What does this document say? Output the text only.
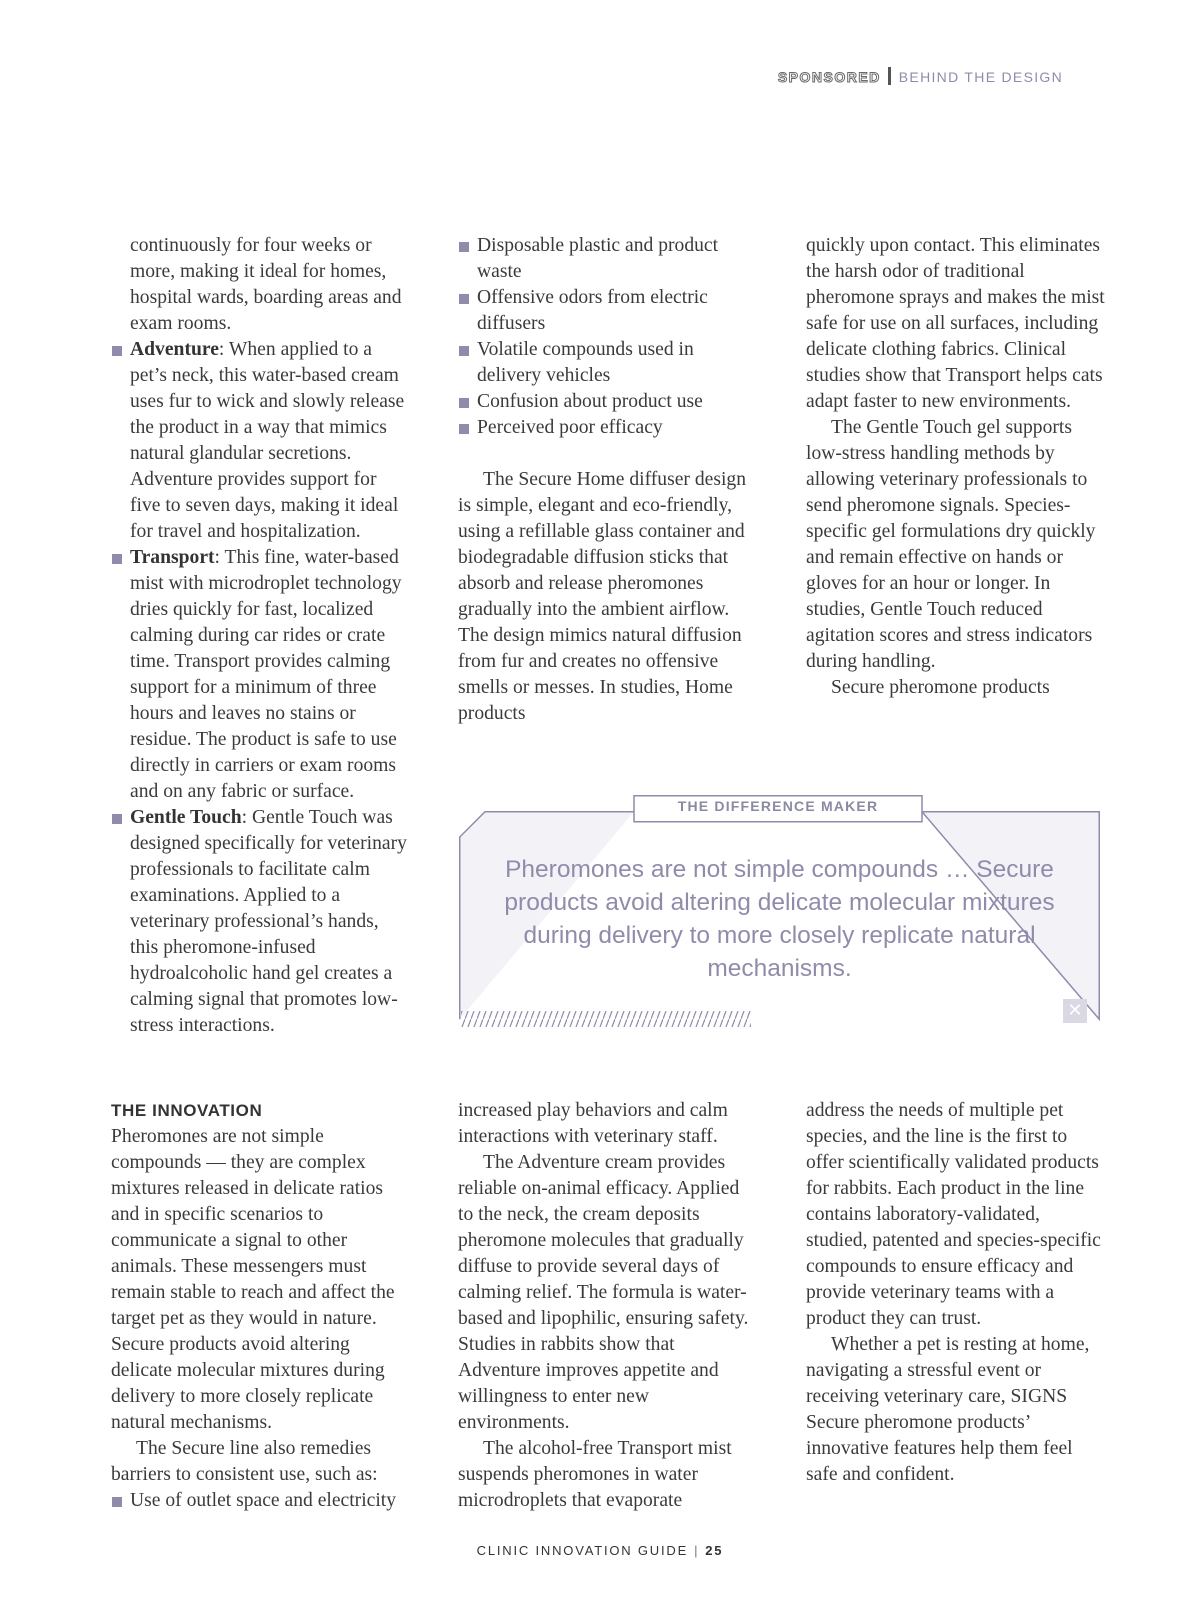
SPONSORED BEHIND THE DESIGN

continuously for four weeks or more, making it ideal for homes, hospital wards, boarding areas and exam rooms.

Adventure: When applied to a pet’s neck, this water-based cream uses fur to wick and slowly release the product in a way that mimics natural glandular secretions. Adventure provides support for five to seven days, making it ideal for travel and hospitalization.

Transport: This fine, water-based mist with microdroplet technology dries quickly for fast, localized calming during car rides or crate time. Transport provides calming support for a minimum of three hours and leaves no stains or residue. The product is safe to use directly in carriers or exam rooms and on any fabric or surface.

Gentle Touch: Gentle Touch was designed specifically for veterinary professionals to facilitate calm examinations. Applied to a veterinary professional’s hands, this pheromone-infused hydroalcoholic hand gel creates a calming signal that promotes low-stress interactions.

Disposable plastic and product waste

Offensive odors from electric diffusers

Volatile compounds used in delivery vehicles

Confusion about product use

Perceived poor efficacy

The Secure Home diffuser design is simple, elegant and eco-friendly, using a refillable glass container and biodegradable diffusion sticks that absorb and release pheromones gradually into the ambient airflow. The design mimics natural diffusion from fur and creates no offensive smells or messes. In studies, Home products

quickly upon contact. This eliminates the harsh odor of traditional pheromone sprays and makes the mist safe for use on all surfaces, including delicate clothing fabrics. Clinical studies show that Transport helps cats adapt faster to new environments.

The Gentle Touch gel supports low-stress handling methods by allowing veterinary professionals to send pheromone signals. Species-specific gel formulations dry quickly and remain effective on hands or gloves for an hour or longer. In studies, Gentle Touch reduced agitation scores and stress indicators during handling.

Secure pheromone products

THE DIFFERENCE MAKER
Pheromones are not simple compounds … Secure products avoid altering delicate molecular mixtures during delivery to more closely replicate natural mechanisms.
✕
THE INNOVATION

Pheromones are not simple compounds — they are complex mixtures released in delicate ratios and in specific scenarios to communicate a signal to other animals. These messengers must remain stable to reach and affect the target pet as they would in nature. Secure products avoid altering delicate molecular mixtures during delivery to more closely replicate natural mechanisms.

The Secure line also remedies barriers to consistent use, such as:

Use of outlet space and electricity

increased play behaviors and calm interactions with veterinary staff.

The Adventure cream provides reliable on-animal efficacy. Applied to the neck, the cream deposits pheromone molecules that gradually diffuse to provide several days of calming relief. The formula is water-based and lipophilic, ensuring safety. Studies in rabbits show that Adventure improves appetite and willingness to enter new environments.

The alcohol-free Transport mist suspends pheromones in water microdroplets that evaporate

address the needs of multiple pet species, and the line is the first to offer scientifically validated products for rabbits. Each product in the line contains laboratory-validated, studied, patented and species-specific compounds to ensure efficacy and provide veterinary teams with a product they can trust.

Whether a pet is resting at home, navigating a stressful event or receiving veterinary care, SIGNS Secure pheromone products’ innovative features help them feel safe and confident.

CLINIC INNOVATION GUIDE | 25
